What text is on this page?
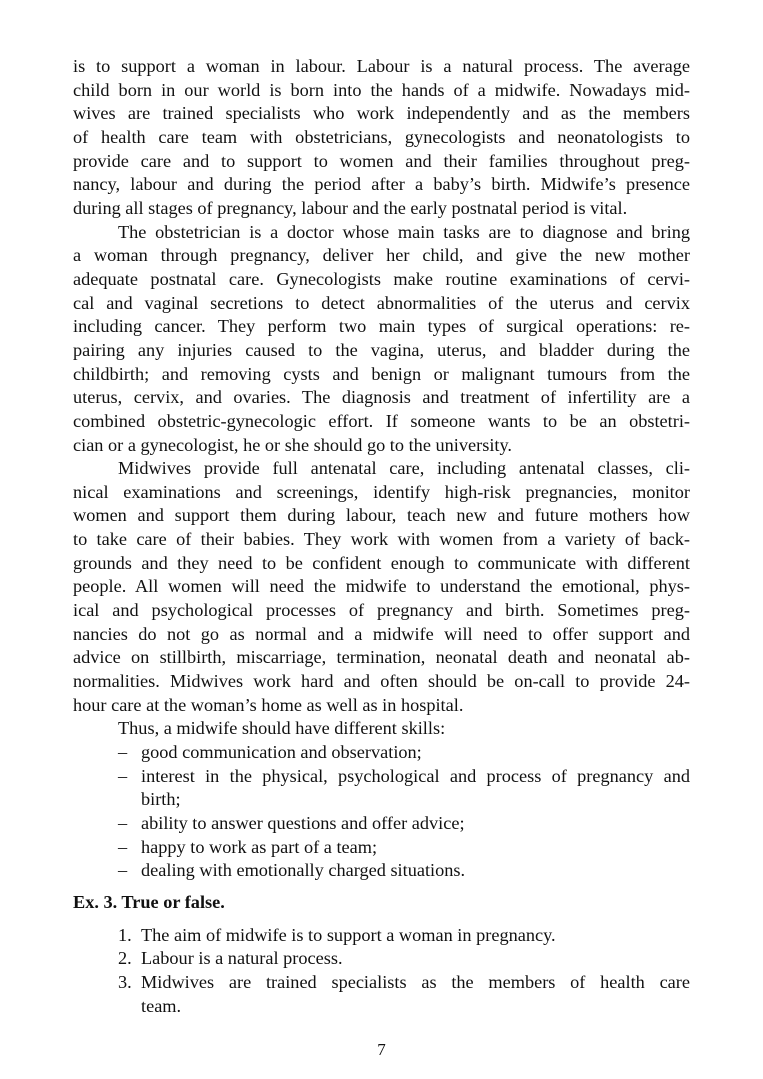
is to support a woman in labour. Labour is a natural process. The average
child born in our world is born into the hands of a midwife. Nowadays mid-
wives are trained specialists who work independently and as the members
of health care team with obstetricians, gynecologists and neonatologists to
provide care and to support to women and their families throughout preg-
nancy, labour and during the period after a baby’s birth. Midwife’s presence
during all stages of pregnancy, labour and the early postnatal period is vital.
The obstetrician is a doctor whose main tasks are to diagnose and bring
a woman through pregnancy, deliver her child, and give the new mother
adequate postnatal care. Gynecologists make routine examinations of cervi-
cal and vaginal secretions to detect abnormalities of the uterus and cervix
including cancer. They perform two main types of surgical operations: re-
pairing any injuries caused to the vagina, uterus, and bladder during the
childbirth; and removing cysts and benign or malignant tumours from the
uterus, cervix, and ovaries. The diagnosis and treatment of infertility are a
combined obstetric-gynecologic effort. If someone wants to be an obstetri-
cian or a gynecologist, he or she should go to the university.
Midwives provide full antenatal care, including antenatal classes, cli-
nical examinations and screenings, identify high-risk pregnancies, monitor
women and support them during labour, teach new and future mothers how
to take care of their babies. They work with women from a variety of back-
grounds and they need to be confident enough to communicate with different
people. All women will need the midwife to understand the emotional, phys-
ical and psychological processes of pregnancy and birth. Sometimes preg-
nancies do not go as normal and a midwife will need to offer support and
advice on stillbirth, miscarriage, termination, neonatal death and neonatal ab-
normalities. Midwives work hard and often should be on-call to provide 24-
hour care at the woman’s home as well as in hospital.
Thus, a midwife should have different skills:
– good communication and observation;
– interest in the physical, psychological and process of pregnancy and
birth;
– ability to answer questions and offer advice;
– happy to work as part of a team;
– dealing with emotionally charged situations.
Ex. 3. True or false.
1. The aim of midwife is to support a woman in pregnancy.
2. Labour is a natural process.
3. Midwives are trained specialists as the members of health care
team.
7
